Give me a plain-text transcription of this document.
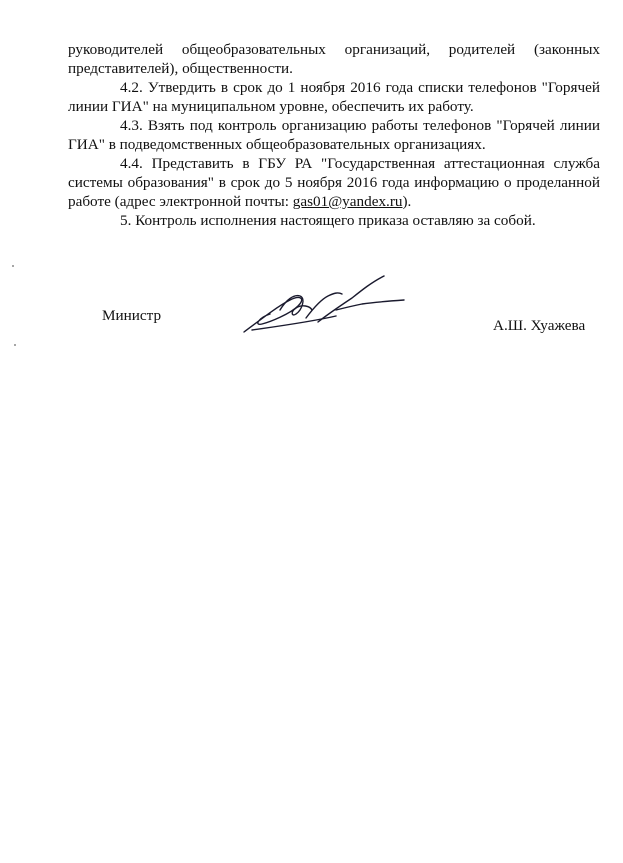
руководителей общеобразовательных организаций, родителей (законных представителей), общественности.

4.2. Утвердить в срок до 1 ноября 2016 года списки телефонов "Горячей линии ГИА" на муниципальном уровне, обеспечить их работу.

4.3. Взять под контроль организацию работы телефонов "Горячей линии ГИА" в подведомственных общеобразовательных организациях.

4.4. Представить в ГБУ РА "Государственная аттестационная служба системы образования" в срок до 5 ноября 2016 года информацию о проделанной работе (адрес электронной почты: gas01@yandex.ru).

5. Контроль исполнения настоящего приказа оставляю за собой.

Министр
А.Ш. Хуажева
